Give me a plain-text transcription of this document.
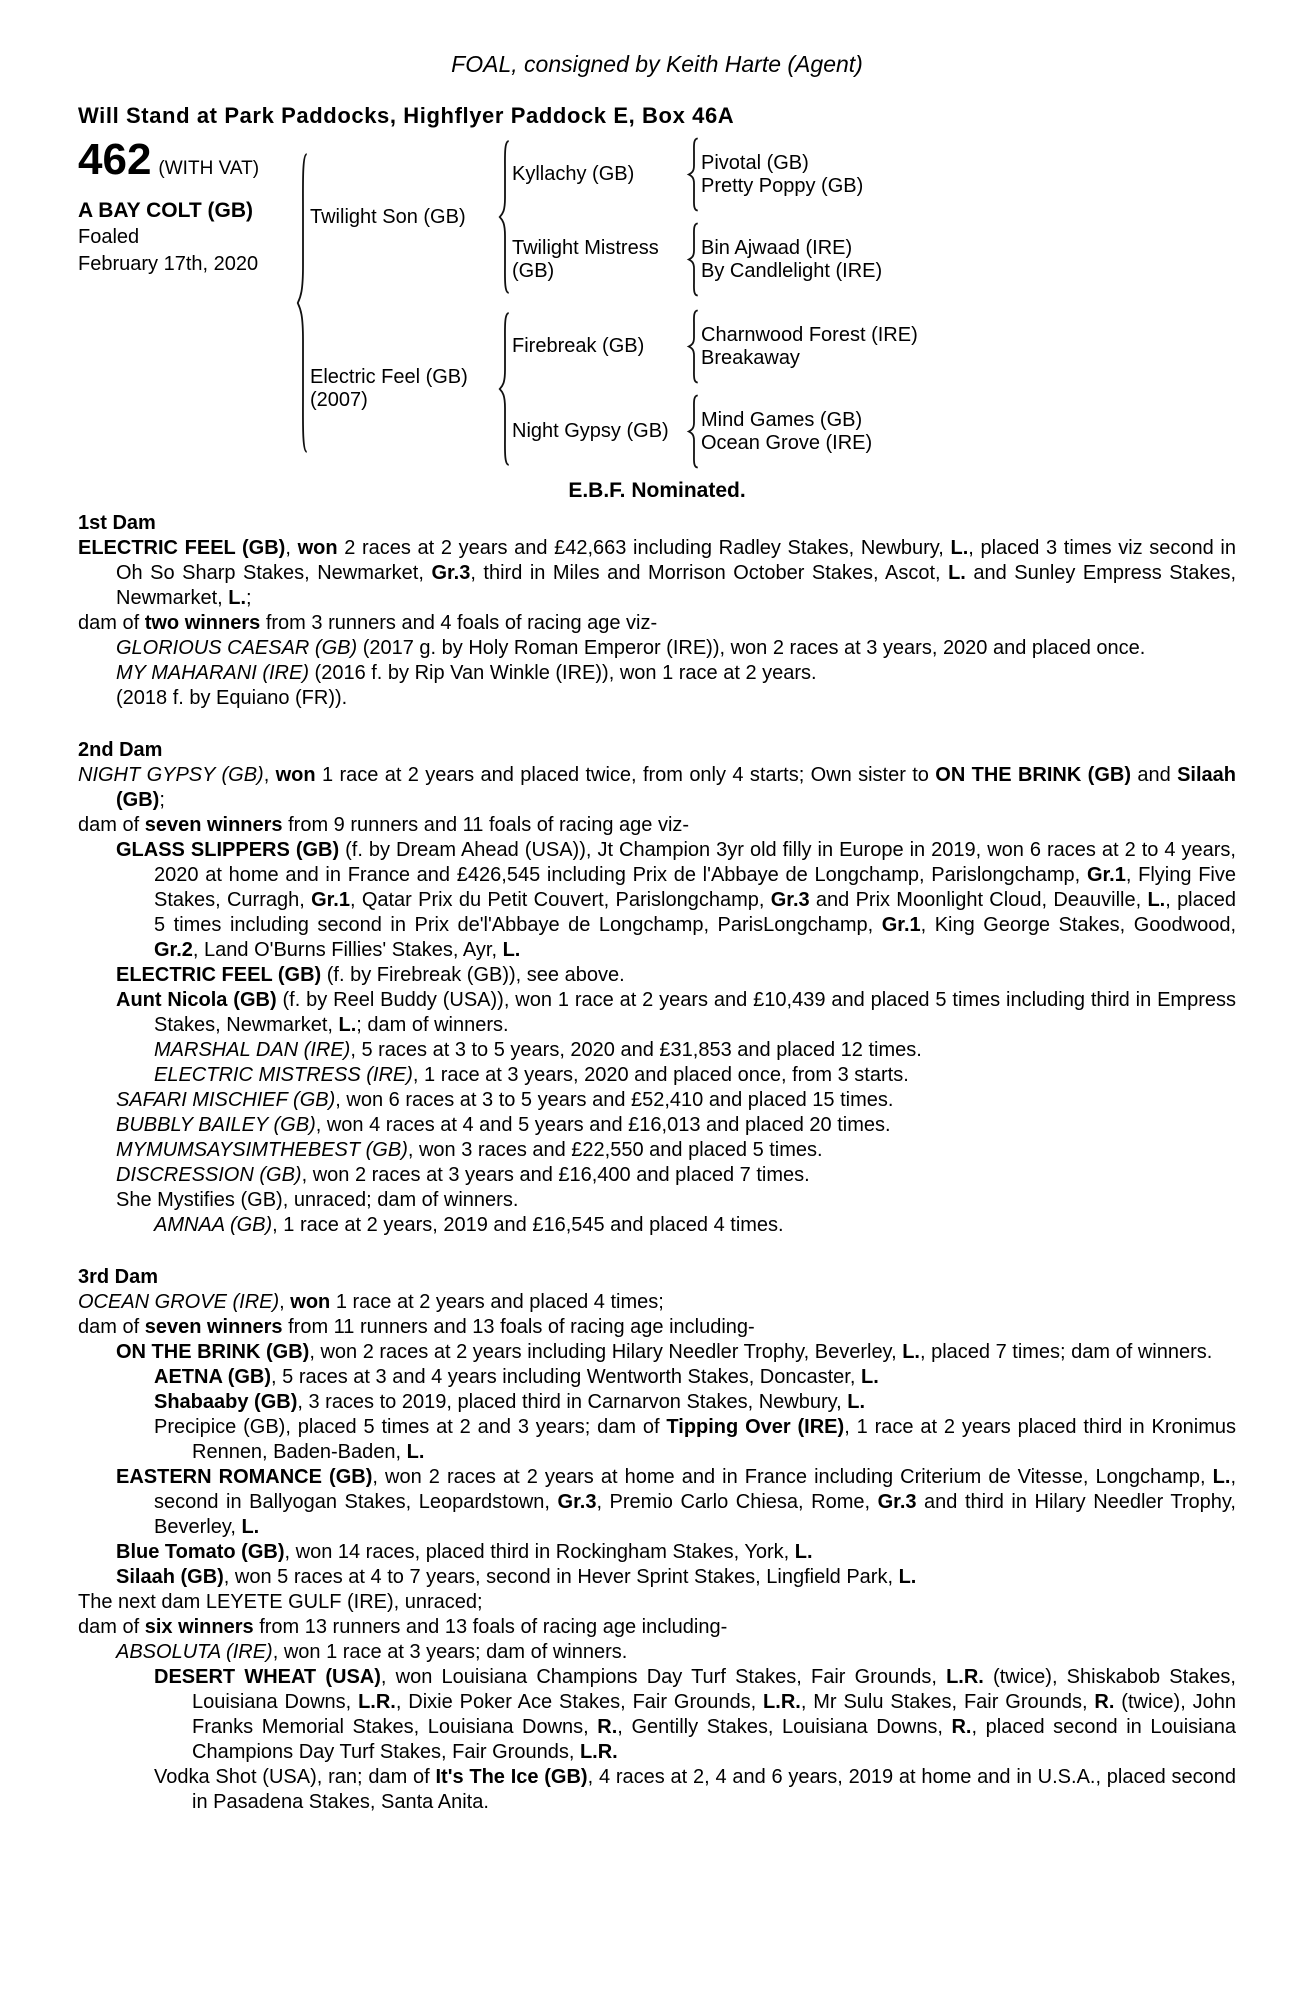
FOAL, consigned by Keith Harte (Agent)
Will Stand at Park Paddocks, Highflyer Paddock E, Box 46A
462 (WITH VAT)
A BAY COLT (GB)
Foaled
February 17th, 2020
Twilight Son (GB)
Kyllachy (GB)
Pivotal (GB)
Pretty Poppy (GB)
Twilight Mistress (GB)
Bin Ajwaad (IRE)
By Candlelight (IRE)
Electric Feel (GB)
(2007)
Firebreak (GB)
Charnwood Forest (IRE)
Breakaway
Night Gypsy (GB)
Mind Games (GB)
Ocean Grove (IRE)
E.B.F. Nominated.
1st Dam

ELECTRIC FEEL (GB), won 2 races at 2 years and £42,663 including Radley Stakes, Newbury, L., placed 3 times viz second in Oh So Sharp Stakes, Newmarket, Gr.3, third in Miles and Morrison October Stakes, Ascot, L. and Sunley Empress Stakes, Newmarket, L.;

dam of two winners from 3 runners and 4 foals of racing age viz-

GLORIOUS CAESAR (GB) (2017 g. by Holy Roman Emperor (IRE)), won 2 races at 3 years, 2020 and placed once.

MY MAHARANI (IRE) (2016 f. by Rip Van Winkle (IRE)), won 1 race at 2 years.

(2018 f. by Equiano (FR)).

2nd Dam

NIGHT GYPSY (GB), won 1 race at 2 years and placed twice, from only 4 starts; Own sister to ON THE BRINK (GB) and Silaah (GB);

dam of seven winners from 9 runners and 11 foals of racing age viz-

GLASS SLIPPERS (GB) (f. by Dream Ahead (USA)), Jt Champion 3yr old filly in Europe in 2019, won 6 races at 2 to 4 years, 2020 at home and in France and £426,545 including Prix de l'Abbaye de Longchamp, Parislongchamp, Gr.1, Flying Five Stakes, Curragh, Gr.1, Qatar Prix du Petit Couvert, Parislongchamp, Gr.3 and Prix Moonlight Cloud, Deauville, L., placed 5 times including second in Prix de'l'Abbaye de Longchamp, ParisLongchamp, Gr.1, King George Stakes, Goodwood, Gr.2, Land O'Burns Fillies' Stakes, Ayr, L.

ELECTRIC FEEL (GB) (f. by Firebreak (GB)), see above.

Aunt Nicola (GB) (f. by Reel Buddy (USA)), won 1 race at 2 years and £10,439 and placed 5 times including third in Empress Stakes, Newmarket, L.; dam of winners.

MARSHAL DAN (IRE), 5 races at 3 to 5 years, 2020 and £31,853 and placed 12 times.

ELECTRIC MISTRESS (IRE), 1 race at 3 years, 2020 and placed once, from 3 starts.

SAFARI MISCHIEF (GB), won 6 races at 3 to 5 years and £52,410 and placed 15 times.

BUBBLY BAILEY (GB), won 4 races at 4 and 5 years and £16,013 and placed 20 times.

MYMUMSAYSIMTHEBEST (GB), won 3 races and £22,550 and placed 5 times.

DISCRESSION (GB), won 2 races at 3 years and £16,400 and placed 7 times.

She Mystifies (GB), unraced; dam of winners.

AMNAA (GB), 1 race at 2 years, 2019 and £16,545 and placed 4 times.

3rd Dam

OCEAN GROVE (IRE), won 1 race at 2 years and placed 4 times;

dam of seven winners from 11 runners and 13 foals of racing age including-

ON THE BRINK (GB), won 2 races at 2 years including Hilary Needler Trophy, Beverley, L., placed 7 times; dam of winners.

AETNA (GB), 5 races at 3 and 4 years including Wentworth Stakes, Doncaster, L.

Shabaaby (GB), 3 races to 2019, placed third in Carnarvon Stakes, Newbury, L.

Precipice (GB), placed 5 times at 2 and 3 years; dam of Tipping Over (IRE), 1 race at 2 years placed third in Kronimus Rennen, Baden-Baden, L.

EASTERN ROMANCE (GB), won 2 races at 2 years at home and in France including Criterium de Vitesse, Longchamp, L., second in Ballyogan Stakes, Leopardstown, Gr.3, Premio Carlo Chiesa, Rome, Gr.3 and third in Hilary Needler Trophy, Beverley, L.

Blue Tomato (GB), won 14 races, placed third in Rockingham Stakes, York, L.

Silaah (GB), won 5 races at 4 to 7 years, second in Hever Sprint Stakes, Lingfield Park, L.

The next dam LEYETE GULF (IRE), unraced;

dam of six winners from 13 runners and 13 foals of racing age including-

ABSOLUTA (IRE), won 1 race at 3 years; dam of winners.

DESERT WHEAT (USA), won Louisiana Champions Day Turf Stakes, Fair Grounds, L.R. (twice), Shiskabob Stakes, Louisiana Downs, L.R., Dixie Poker Ace Stakes, Fair Grounds, L.R., Mr Sulu Stakes, Fair Grounds, R. (twice), John Franks Memorial Stakes, Louisiana Downs, R., Gentilly Stakes, Louisiana Downs, R., placed second in Louisiana Champions Day Turf Stakes, Fair Grounds, L.R.

Vodka Shot (USA), ran; dam of It's The Ice (GB), 4 races at 2, 4 and 6 years, 2019 at home and in U.S.A., placed second in Pasadena Stakes, Santa Anita.
